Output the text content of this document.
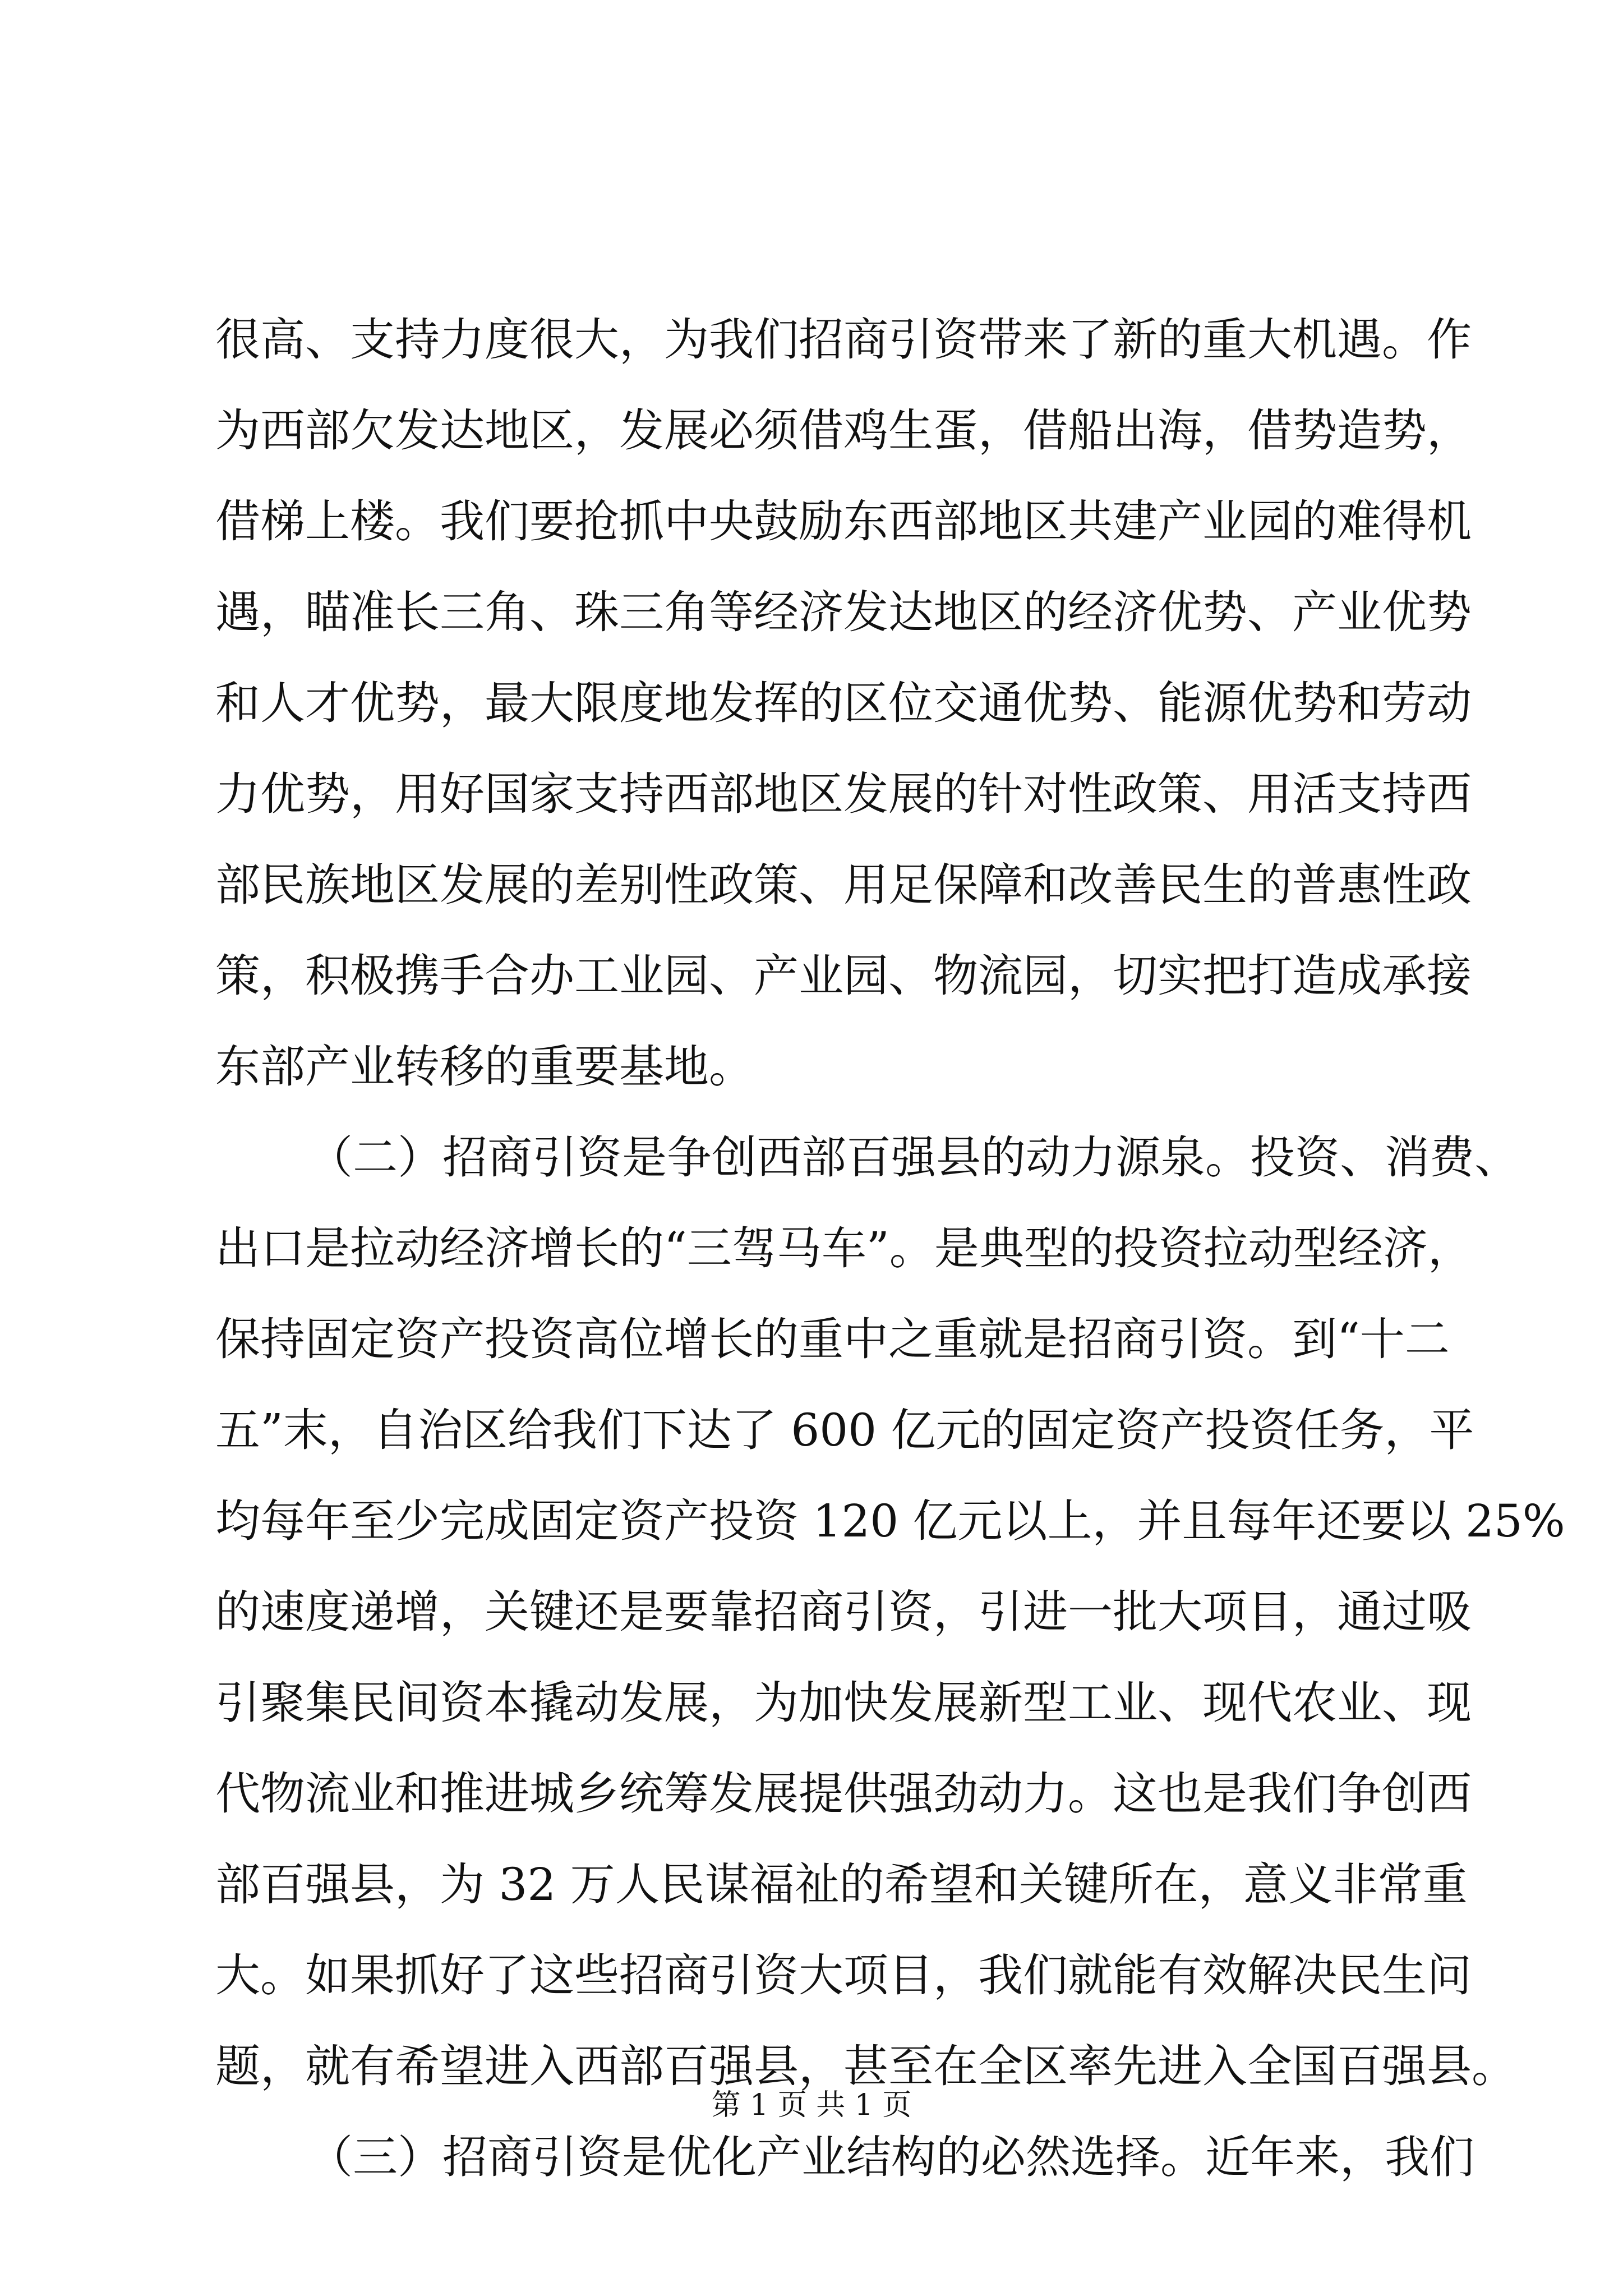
很高、支持力度很大，为我们招商引资带来了新的重大机遇。作
为西部欠发达地区，发展必须借鸡生蛋，借船出海，借势造势，
借梯上楼。我们要抢抓中央鼓励东西部地区共建产业园的难得机
遇，瞄准长三角、珠三角等经济发达地区的经济优势、产业优势
和人才优势，最大限度地发挥的区位交通优势、能源优势和劳动
力优势，用好国家支持西部地区发展的针对性政策、用活支持西
部民族地区发展的差别性政策、用足保障和改善民生的普惠性政
策，积极携手合办工业园、产业园、物流园，切实把打造成承接
东部产业转移的重要基地。
（二）招商引资是争创西部百强县的动力源泉。投资、消费、
出口是拉动经济增长的“三驾马车”。是典型的投资拉动型经济，
保持固定资产投资高位增长的重中之重就是招商引资。到“十二
五”末，自治区给我们下达了 600 亿元的固定资产投资任务，平
均每年至少完成固定资产投资 120 亿元以上，并且每年还要以 25%
的速度递增，关键还是要靠招商引资，引进一批大项目，通过吸
引聚集民间资本撬动发展，为加快发展新型工业、现代农业、现
代物流业和推进城乡统筹发展提供强劲动力。这也是我们争创西
部百强县，为 32 万人民谋福祉的希望和关键所在，意义非常重
大。如果抓好了这些招商引资大项目，我们就能有效解决民生问
题，就有希望进入西部百强县，甚至在全区率先进入全国百强县。
（三）招商引资是优化产业结构的必然选择。近年来，我们
第 1 页 共 1 页
